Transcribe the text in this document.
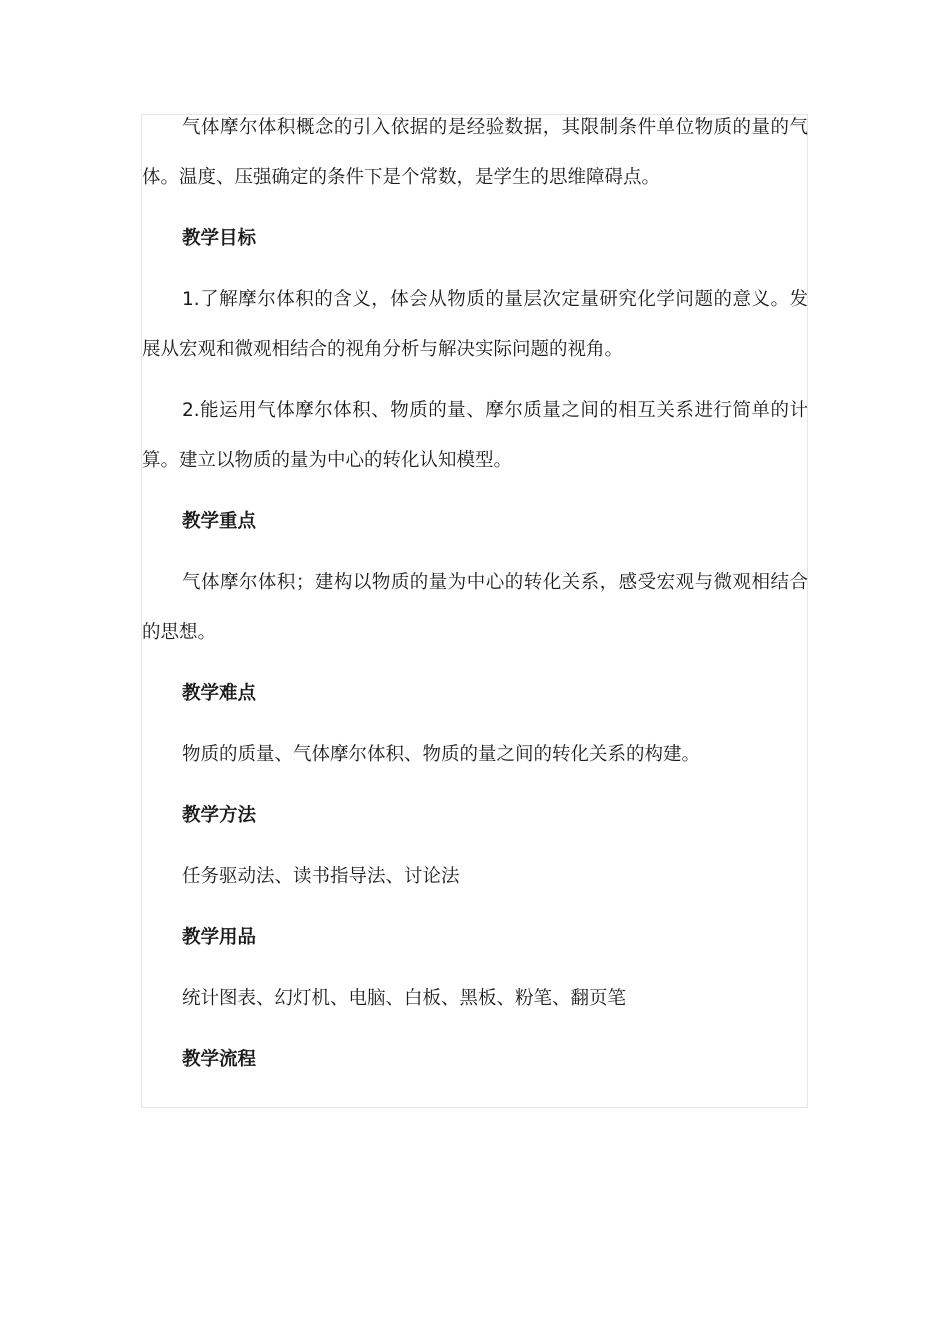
气体摩尔体积概念的引入依据的是经验数据，其限制条件单位物质的量的气体。温度、压强确定的条件下是个常数，是学生的思维障碍点。

教学目标

1.了解摩尔体积的含义，体会从物质的量层次定量研究化学问题的意义。发展从宏观和微观相结合的视角分析与解决实际问题的视角。

2.能运用气体摩尔体积、物质的量、摩尔质量之间的相互关系进行简单的计算。建立以物质的量为中心的转化认知模型。

教学重点

气体摩尔体积；建构以物质的量为中心的转化关系，感受宏观与微观相结合的思想。

教学难点

物质的质量、气体摩尔体积、物质的量之间的转化关系的构建。

教学方法

任务驱动法、读书指导法、讨论法

教学用品

统计图表、幻灯机、电脑、白板、黑板、粉笔、翻页笔

教学流程
